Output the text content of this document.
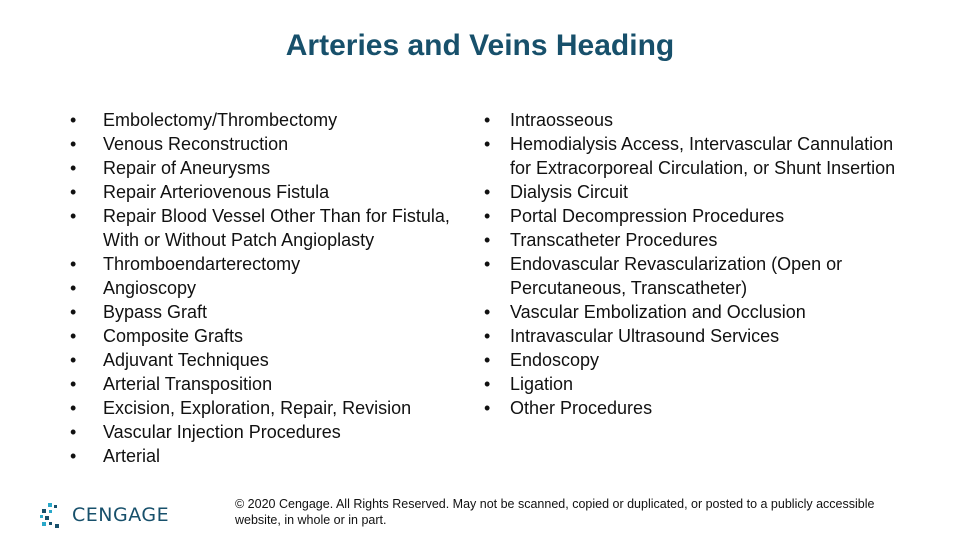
Arteries and Veins Heading
• Embolectomy/Thrombectomy
• Venous Reconstruction
• Repair of Aneurysms
• Repair Arteriovenous Fistula
• Repair Blood Vessel Other Than for Fistula, With or Without Patch Angioplasty
• Thromboendarterectomy
• Angioscopy
• Bypass Graft
• Composite Grafts
• Adjuvant Techniques
• Arterial Transposition
• Excision, Exploration, Repair, Revision
• Vascular Injection Procedures
• Arterial
• Intraosseous
• Hemodialysis Access, Intervascular Cannulation for Extracorporeal Circulation, or Shunt Insertion
• Dialysis Circuit
• Portal Decompression Procedures
• Transcatheter Procedures
• Endovascular Revascularization (Open or Percutaneous, Transcatheter)
• Vascular Embolization and Occlusion
• Intravascular Ultrasound Services
• Endoscopy
• Ligation
• Other Procedures
CENGAGE	© 2020 Cengage. All Rights Reserved. May not be scanned, copied or duplicated, or posted to a publicly accessible website, in whole or in part.
